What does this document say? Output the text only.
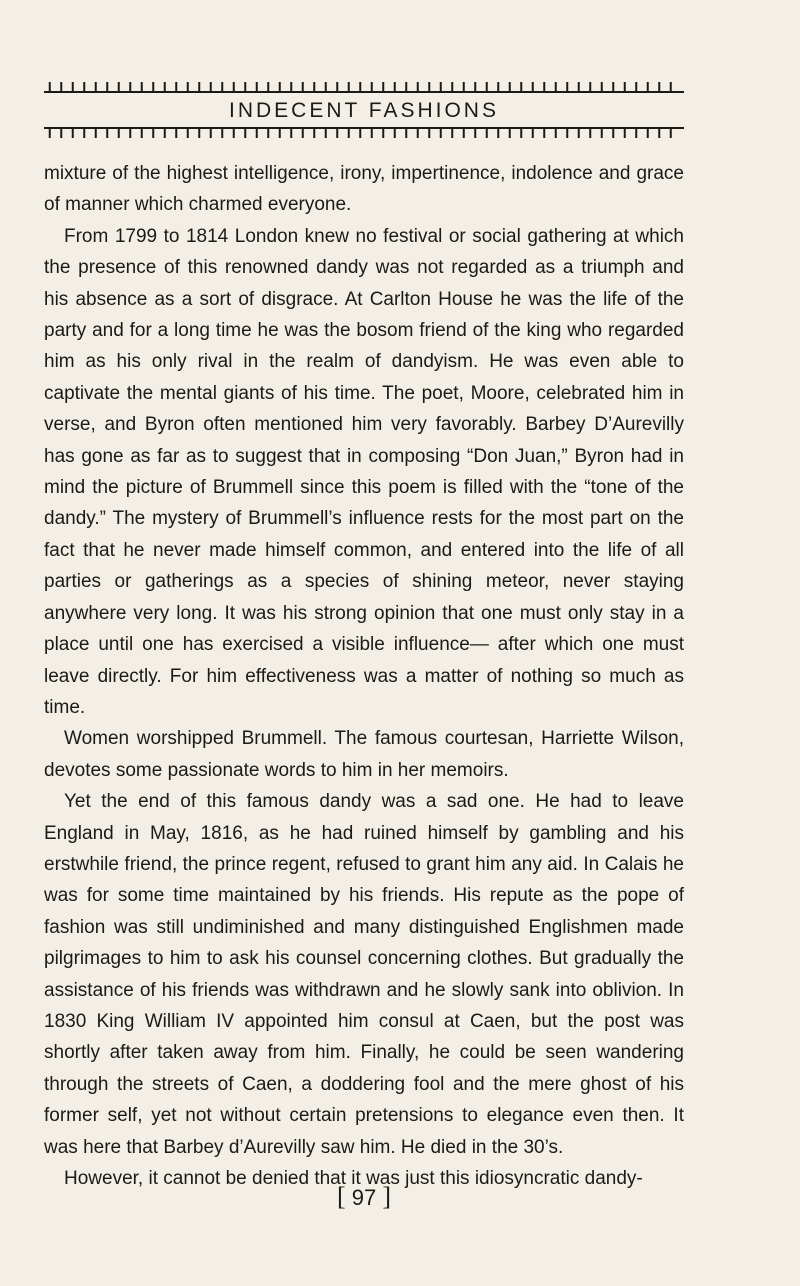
INDECENT FASHIONS

mixture of the highest intelligence, irony, impertinence, indolence and grace of manner which charmed everyone.

From 1799 to 1814 London knew no festival or social gathering at which the presence of this renowned dandy was not regarded as a triumph and his absence as a sort of disgrace. At Carlton House he was the life of the party and for a long time he was the bosom friend of the king who regarded him as his only rival in the realm of dandyism. He was even able to captivate the mental giants of his time. The poet, Moore, celebrated him in verse, and Byron often mentioned him very favorably. Barbey D’Aurevilly has gone as far as to suggest that in composing “Don Juan,” Byron had in mind the picture of Brummell since this poem is filled with the “tone of the dandy.” The mystery of Brummell’s influence rests for the most part on the fact that he never made himself common, and entered into the life of all parties or gatherings as a species of shining meteor, never staying anywhere very long. It was his strong opinion that one must only stay in a place until one has exercised a visible influence— after which one must leave directly. For him effectiveness was a matter of nothing so much as time.

Women worshipped Brummell. The famous courtesan, Harriette Wilson, devotes some passionate words to him in her memoirs.

Yet the end of this famous dandy was a sad one. He had to leave England in May, 1816, as he had ruined himself by gambling and his erstwhile friend, the prince regent, refused to grant him any aid. In Calais he was for some time maintained by his friends. His repute as the pope of fashion was still undiminished and many distinguished Englishmen made pilgrimages to him to ask his counsel concerning clothes. But gradually the assistance of his friends was withdrawn and he slowly sank into oblivion. In 1830 King William IV appointed him consul at Caen, but the post was shortly after taken away from him. Finally, he could be seen wandering through the streets of Caen, a doddering fool and the mere ghost of his former self, yet not without certain pretensions to elegance even then. It was here that Barbey d’Aurevilly saw him. He died in the 30’s.

However, it cannot be denied that it was just this idiosyncratic dandy-

[ 97 ]
